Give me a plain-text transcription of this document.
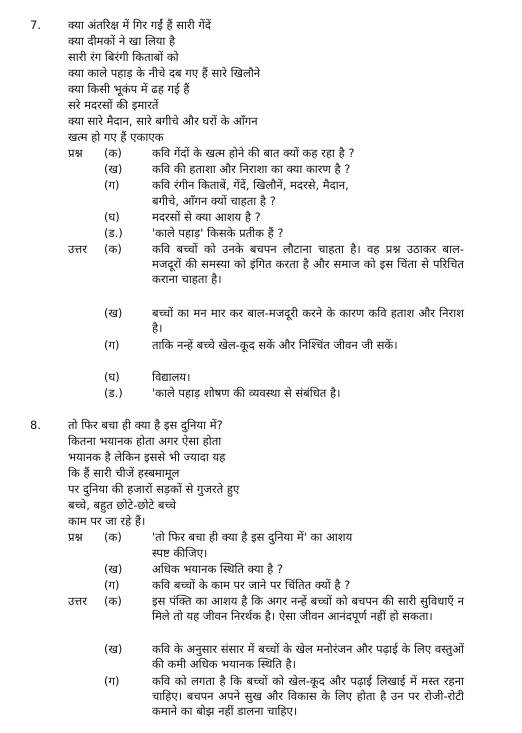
7. क्या अंतरिक्ष में गिर गईं हैं सारी गेंदें
क्या दीमकों ने खा लिया है
सारी रंग बिरंगी किताबों को
क्या काले पहाड़ के नीचे दब गए हैं सारे खिलौने
क्या किसी भूकंप में ढह गई हैं
सरे मदरसों की इमारतें
क्या सारे मैदान, सारे बगीचे और घरों के आँगन
खत्म हो गए हैं एकाएक
प्रश्न (क)	कवि गेंदों के खत्म होने की बात क्यों कह रहा है ?
(ख)	कवि की हताशा और निराशा का क्या कारण है ?
(ग)	कवि रंगीन किताबें, गेंदें, खिलौनें, मदरसे, मैदान,
बगीचे, आँगन क्यों चाहता है ?
(घ)	मदरसों से क्या आशय है ?
(ड.)	'काले पहाड़' किसके प्रतीक हैं ?
उत्तर (क)	कवि बच्चों को उनके बचपन लौटाना चाहता है। वह प्रश्न उठाकर बाल-मजदूरों की समस्या को इंगित करता है और समाज को इस चिंता से परिचित कराना चाहता है।
(ख)	बच्चों का मन मार कर बाल-मजदूरी करने के कारण कवि हताश और निराश है।
(ग)	ताकि नन्हें बच्चे खेल-कूद सकें और निश्चिंत जीवन जी सकें।
(घ)	विद्यालय।
(ड.)	'काले पहाड़ शोषण की व्यवस्था से संबंधित है।
8. तो फिर बचा ही क्या है इस दुनिया में?
कितना भयानक होता अगर ऐसा होता
भयानक है लेकिन इससे भी ज्यादा यह
कि हैं सारी चीजें हस्बमामूल
पर दुनिया की हजारों सड़कों से गुजरते हुए
बच्चे, बहुत छोटे-छोटे बच्चे
काम पर जा रहे हैं।
प्रश्न (क)	'तो फिर बचा ही क्या है इस दुनिया में' का आशय
स्पष्ट कीजिए।
(ख)	अधिक भयानक स्थिति क्या है ?
(ग)	कवि बच्चों के काम पर जाने पर चिंतित क्यों है ?
उत्तर (क)	इस पंक्ति का आशय है कि अगर नन्हें बच्चों को बचपन की सारी सुविधाएँ न मिले तो यह जीवन निरर्थक है। ऐसा जीवन आनंदपूर्ण नहीं हो सकता।
(ख)	कवि के अनुसार संसार में बच्चों के खेल मनोरंजन और पढ़ाई के लिए वस्तुओं की कमी अधिक भयानक स्थिति है।
(ग)	कवि को लगता है कि बच्चों को खेल-कूद और पढ़ाई लिखाई में मस्त रहना चाहिए। बचपन अपने सुख और विकास के लिए होता है उन पर रोजी-रोटी कमाने का बोझ नहीं डालना चाहिए।
